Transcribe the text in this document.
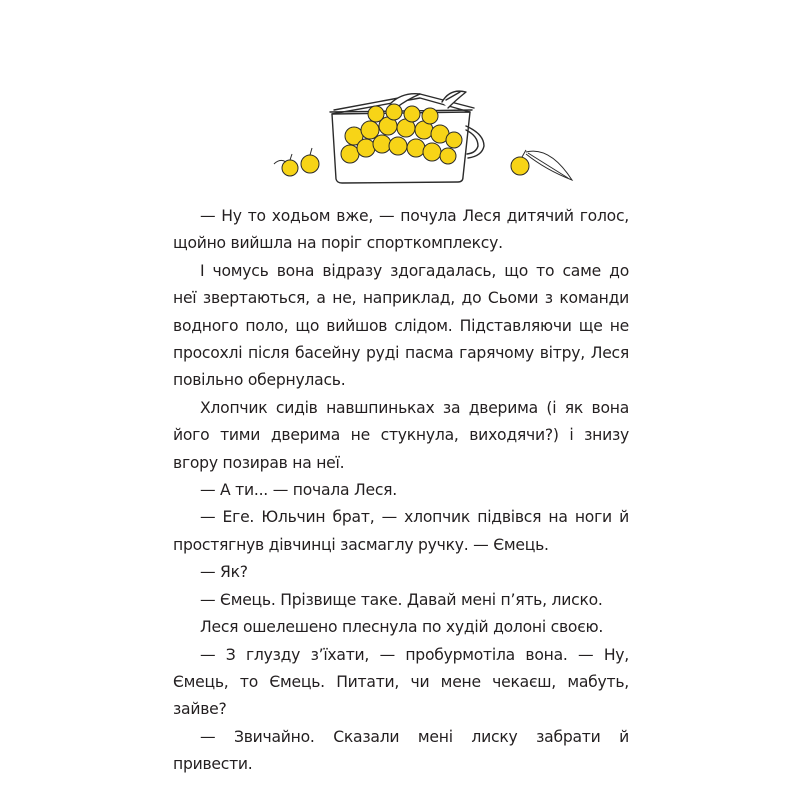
— Ну то ходьом вже, — почула Леся дитячий голос, щойно вийшла на поріг спорткомплексу.

І чомусь вона відразу здогадалась, що то саме до неї звертаються, а не, наприклад, до Сьоми з команди водного поло, що вийшов слідом. Підставляючи ще не просохлі після басейну руді пасма гарячому вітру, Леся повільно обернулась.

Хлопчик сидів навшпиньках за дверима (і як вона його тими дверима не стукнула, виходячи?) і знизу вгору позирав на неї.

— А ти... — почала Леся.

— Еге. Юльчин брат, — хлопчик підвівся на ноги й простягнув дівчинці засмаглу ручку. — Ємець.

— Як?

— Ємець. Прізвище таке. Давай мені п’ять, лиско.

Леся ошелешено плеснула по худій долоні своєю.

— З глузду з’їхати, — пробурмотіла вона. — Ну, Ємець, то Ємець. Питати, чи мене чекаєш, мабуть, зайве?

— Звичайно. Сказали мені лиску забрати й привести.
